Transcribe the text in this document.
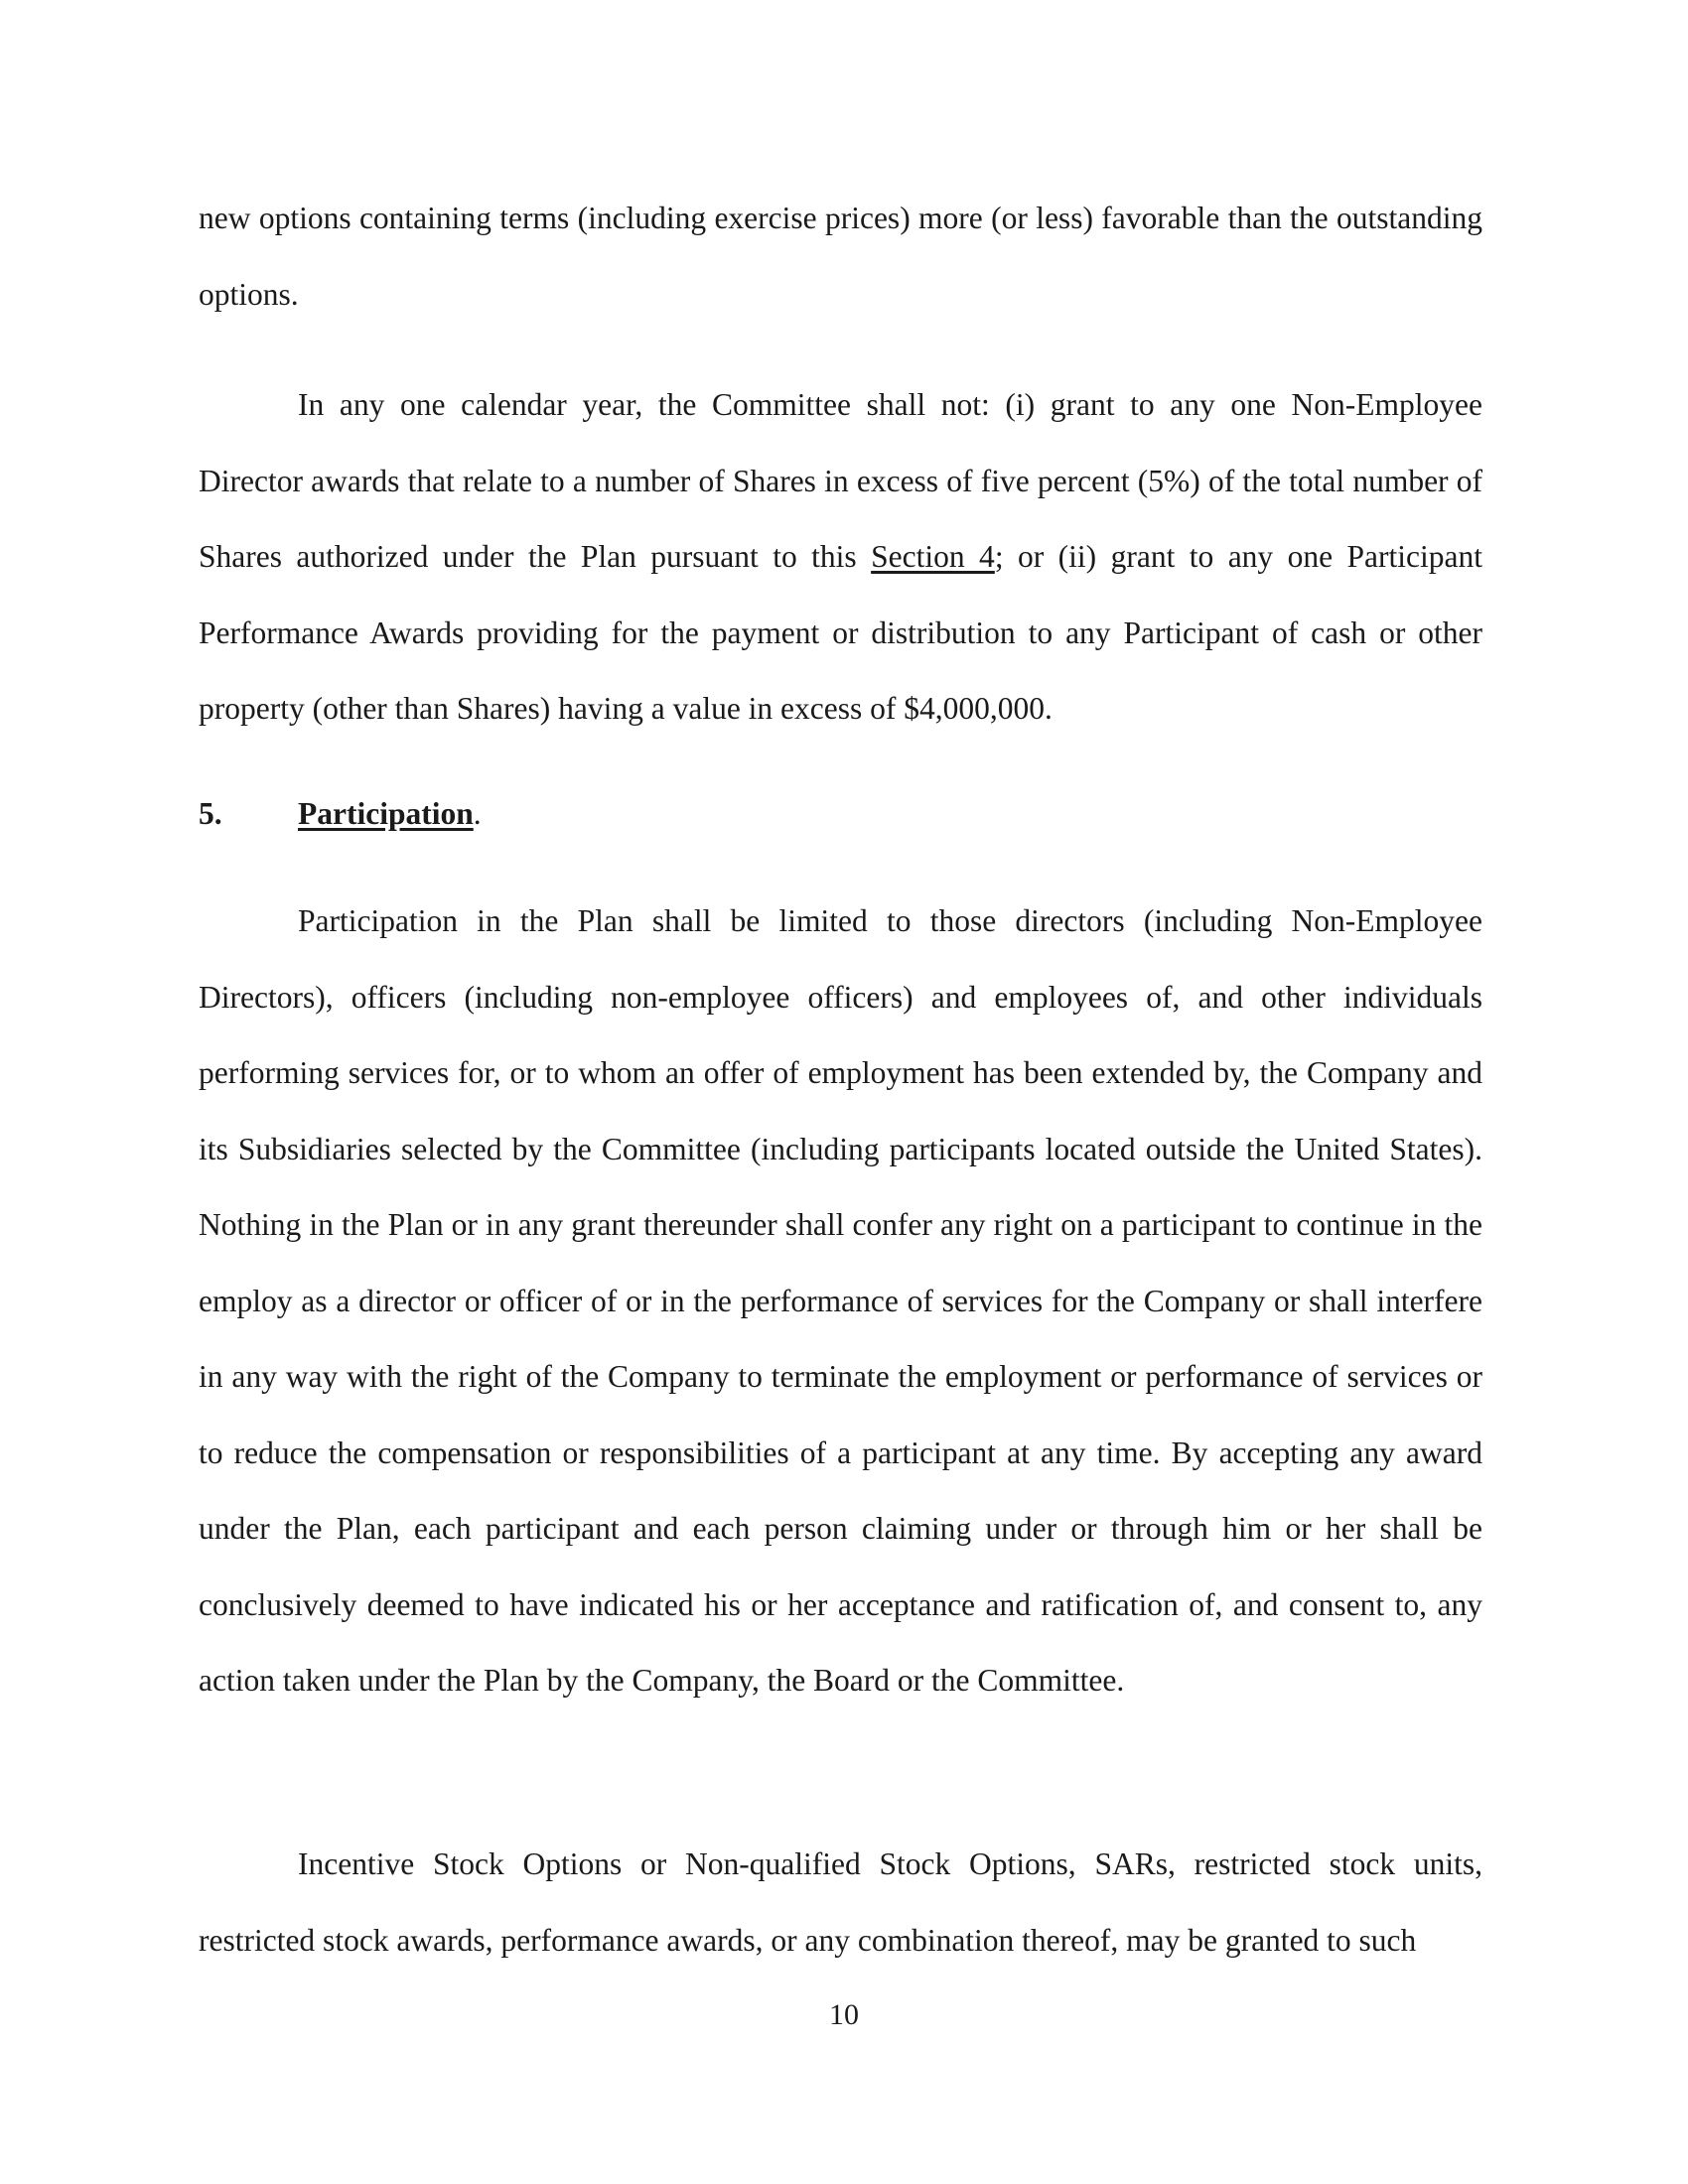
new options containing terms (including exercise prices) more (or less) favorable than the outstanding options.
In any one calendar year, the Committee shall not: (i) grant to any one Non-Employee Director awards that relate to a number of Shares in excess of five percent (5%) of the total number of Shares authorized under the Plan pursuant to this Section 4; or (ii) grant to any one Participant Performance Awards providing for the payment or distribution to any Participant of cash or other property (other than Shares) having a value in excess of $4,000,000.
5. Participation.
Participation in the Plan shall be limited to those directors (including Non-Employee Directors), officers (including non-employee officers) and employees of, and other individuals performing services for, or to whom an offer of employment has been extended by, the Company and its Subsidiaries selected by the Committee (including participants located outside the United States). Nothing in the Plan or in any grant thereunder shall confer any right on a participant to continue in the employ as a director or officer of or in the performance of services for the Company or shall interfere in any way with the right of the Company to terminate the employment or performance of services or to reduce the compensation or responsibilities of a participant at any time. By accepting any award under the Plan, each participant and each person claiming under or through him or her shall be conclusively deemed to have indicated his or her acceptance and ratification of, and consent to, any action taken under the Plan by the Company, the Board or the Committee.
Incentive Stock Options or Non-qualified Stock Options, SARs, restricted stock units, restricted stock awards, performance awards, or any combination thereof, may be granted to such
10
